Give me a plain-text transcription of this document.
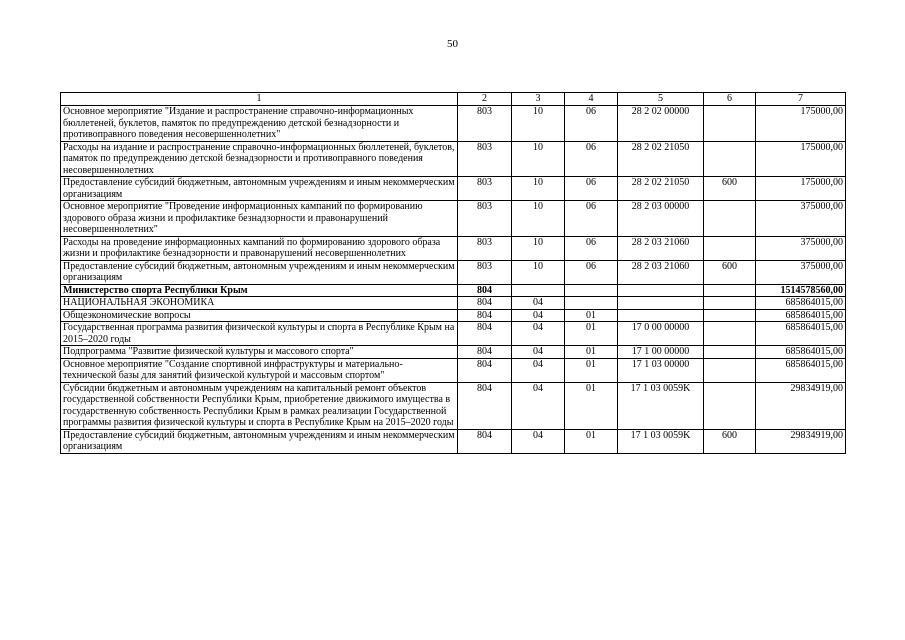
50
1	2	3	4	5	6	7
Основное мероприятие "Издание и распространение справочно-информационных бюллетеней, буклетов, памяток по предупреждению детской безнадзорности и противоправного поведения несовершеннолетних"	803	10	06	28 2 02 00000		175000,00
Расходы на издание и распространение справочно-информационных бюллетеней, буклетов, памяток по предупреждению детской безнадзорности и противоправного поведения несовершеннолетних	803	10	06	28 2 02 21050		175000,00
Предоставление субсидий бюджетным, автономным учреждениям и иным некоммерческим организациям	803	10	06	28 2 02 21050	600	175000,00
Основное мероприятие "Проведение информационных кампаний по формированию здорового образа жизни и профилактике безнадзорности и правонарушений несовершеннолетних"	803	10	06	28 2 03 00000		375000,00
Расходы на проведение информационных кампаний по формированию здорового образа жизни и профилактике безнадзорности и правонарушений несовершеннолетних	803	10	06	28 2 03 21060		375000,00
Предоставление субсидий бюджетным, автономным учреждениям и иным некоммерческим организациям	803	10	06	28 2 03 21060	600	375000,00
Министерство спорта Республики Крым	804					1514578560,00
НАЦИОНАЛЬНАЯ ЭКОНОМИКА	804	04				685864015,00
Общеэкономические вопросы	804	04	01			685864015,00
Государственная программа развития физической культуры и спорта в Республике Крым на 2015–2020 годы	804	04	01	17 0 00 00000		685864015,00
Подпрограмма "Развитие физической культуры и массового спорта"	804	04	01	17 1 00 00000		685864015,00
Основное мероприятие "Создание спортивной инфраструктуры и материально-технической базы для занятий физической культурой и массовым спортом"	804	04	01	17 1 03 00000		685864015,00
Субсидии бюджетным и автономным учреждениям на капитальный ремонт объектов государственной собственности Республики Крым, приобретение движимого имущества в государственную собственность Республики Крым в рамках реализации Государственной программы развития физической культуры и спорта в Республике Крым на 2015–2020 годы	804	04	01	17 1 03 0059K		29834919,00
Предоставление субсидий бюджетным, автономным учреждениям и иным некоммерческим организациям	804	04	01	17 1 03 0059K	600	29834919,00
